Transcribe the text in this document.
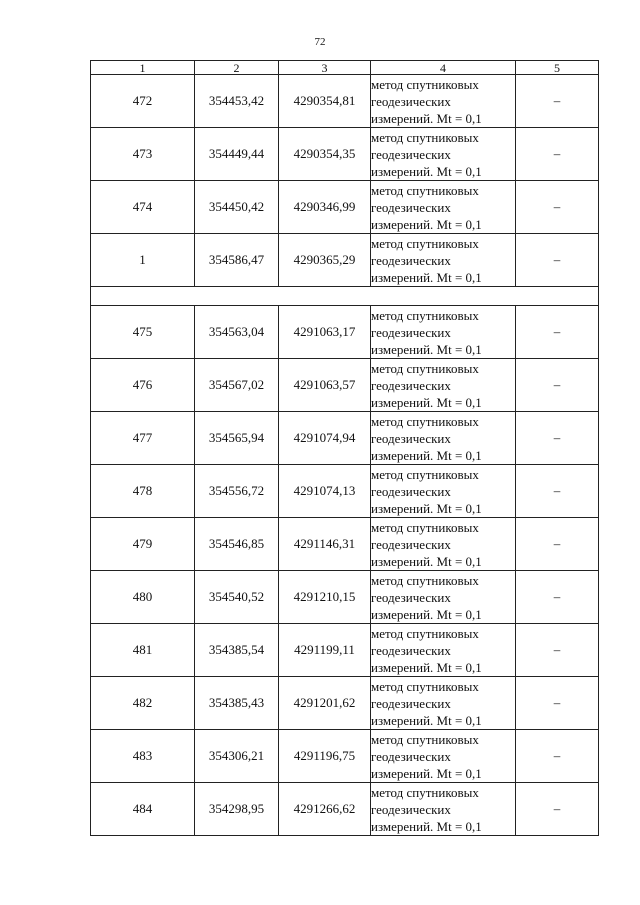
72
1	2	3	4	5
472	354453,42	4290354,81	метод спутниковых
геодезических
измерений. Mt = 0,1	–
473	354449,44	4290354,35	метод спутниковых
геодезических
измерений. Mt = 0,1	–
474	354450,42	4290346,99	метод спутниковых
геодезических
измерений. Mt = 0,1	–
1	354586,47	4290365,29	метод спутниковых
геодезических
измерений. Mt = 0,1	–

475	354563,04	4291063,17	метод спутниковых
геодезических
измерений. Mt = 0,1	–
476	354567,02	4291063,57	метод спутниковых
геодезических
измерений. Mt = 0,1	–
477	354565,94	4291074,94	метод спутниковых
геодезических
измерений. Mt = 0,1	–
478	354556,72	4291074,13	метод спутниковых
геодезических
измерений. Mt = 0,1	–
479	354546,85	4291146,31	метод спутниковых
геодезических
измерений. Mt = 0,1	–
480	354540,52	4291210,15	метод спутниковых
геодезических
измерений. Mt = 0,1	–
481	354385,54	4291199,11	метод спутниковых
геодезических
измерений. Mt = 0,1	–
482	354385,43	4291201,62	метод спутниковых
геодезических
измерений. Mt = 0,1	–
483	354306,21	4291196,75	метод спутниковых
геодезических
измерений. Mt = 0,1	–
484	354298,95	4291266,62	метод спутниковых
геодезических
измерений. Mt = 0,1	–
